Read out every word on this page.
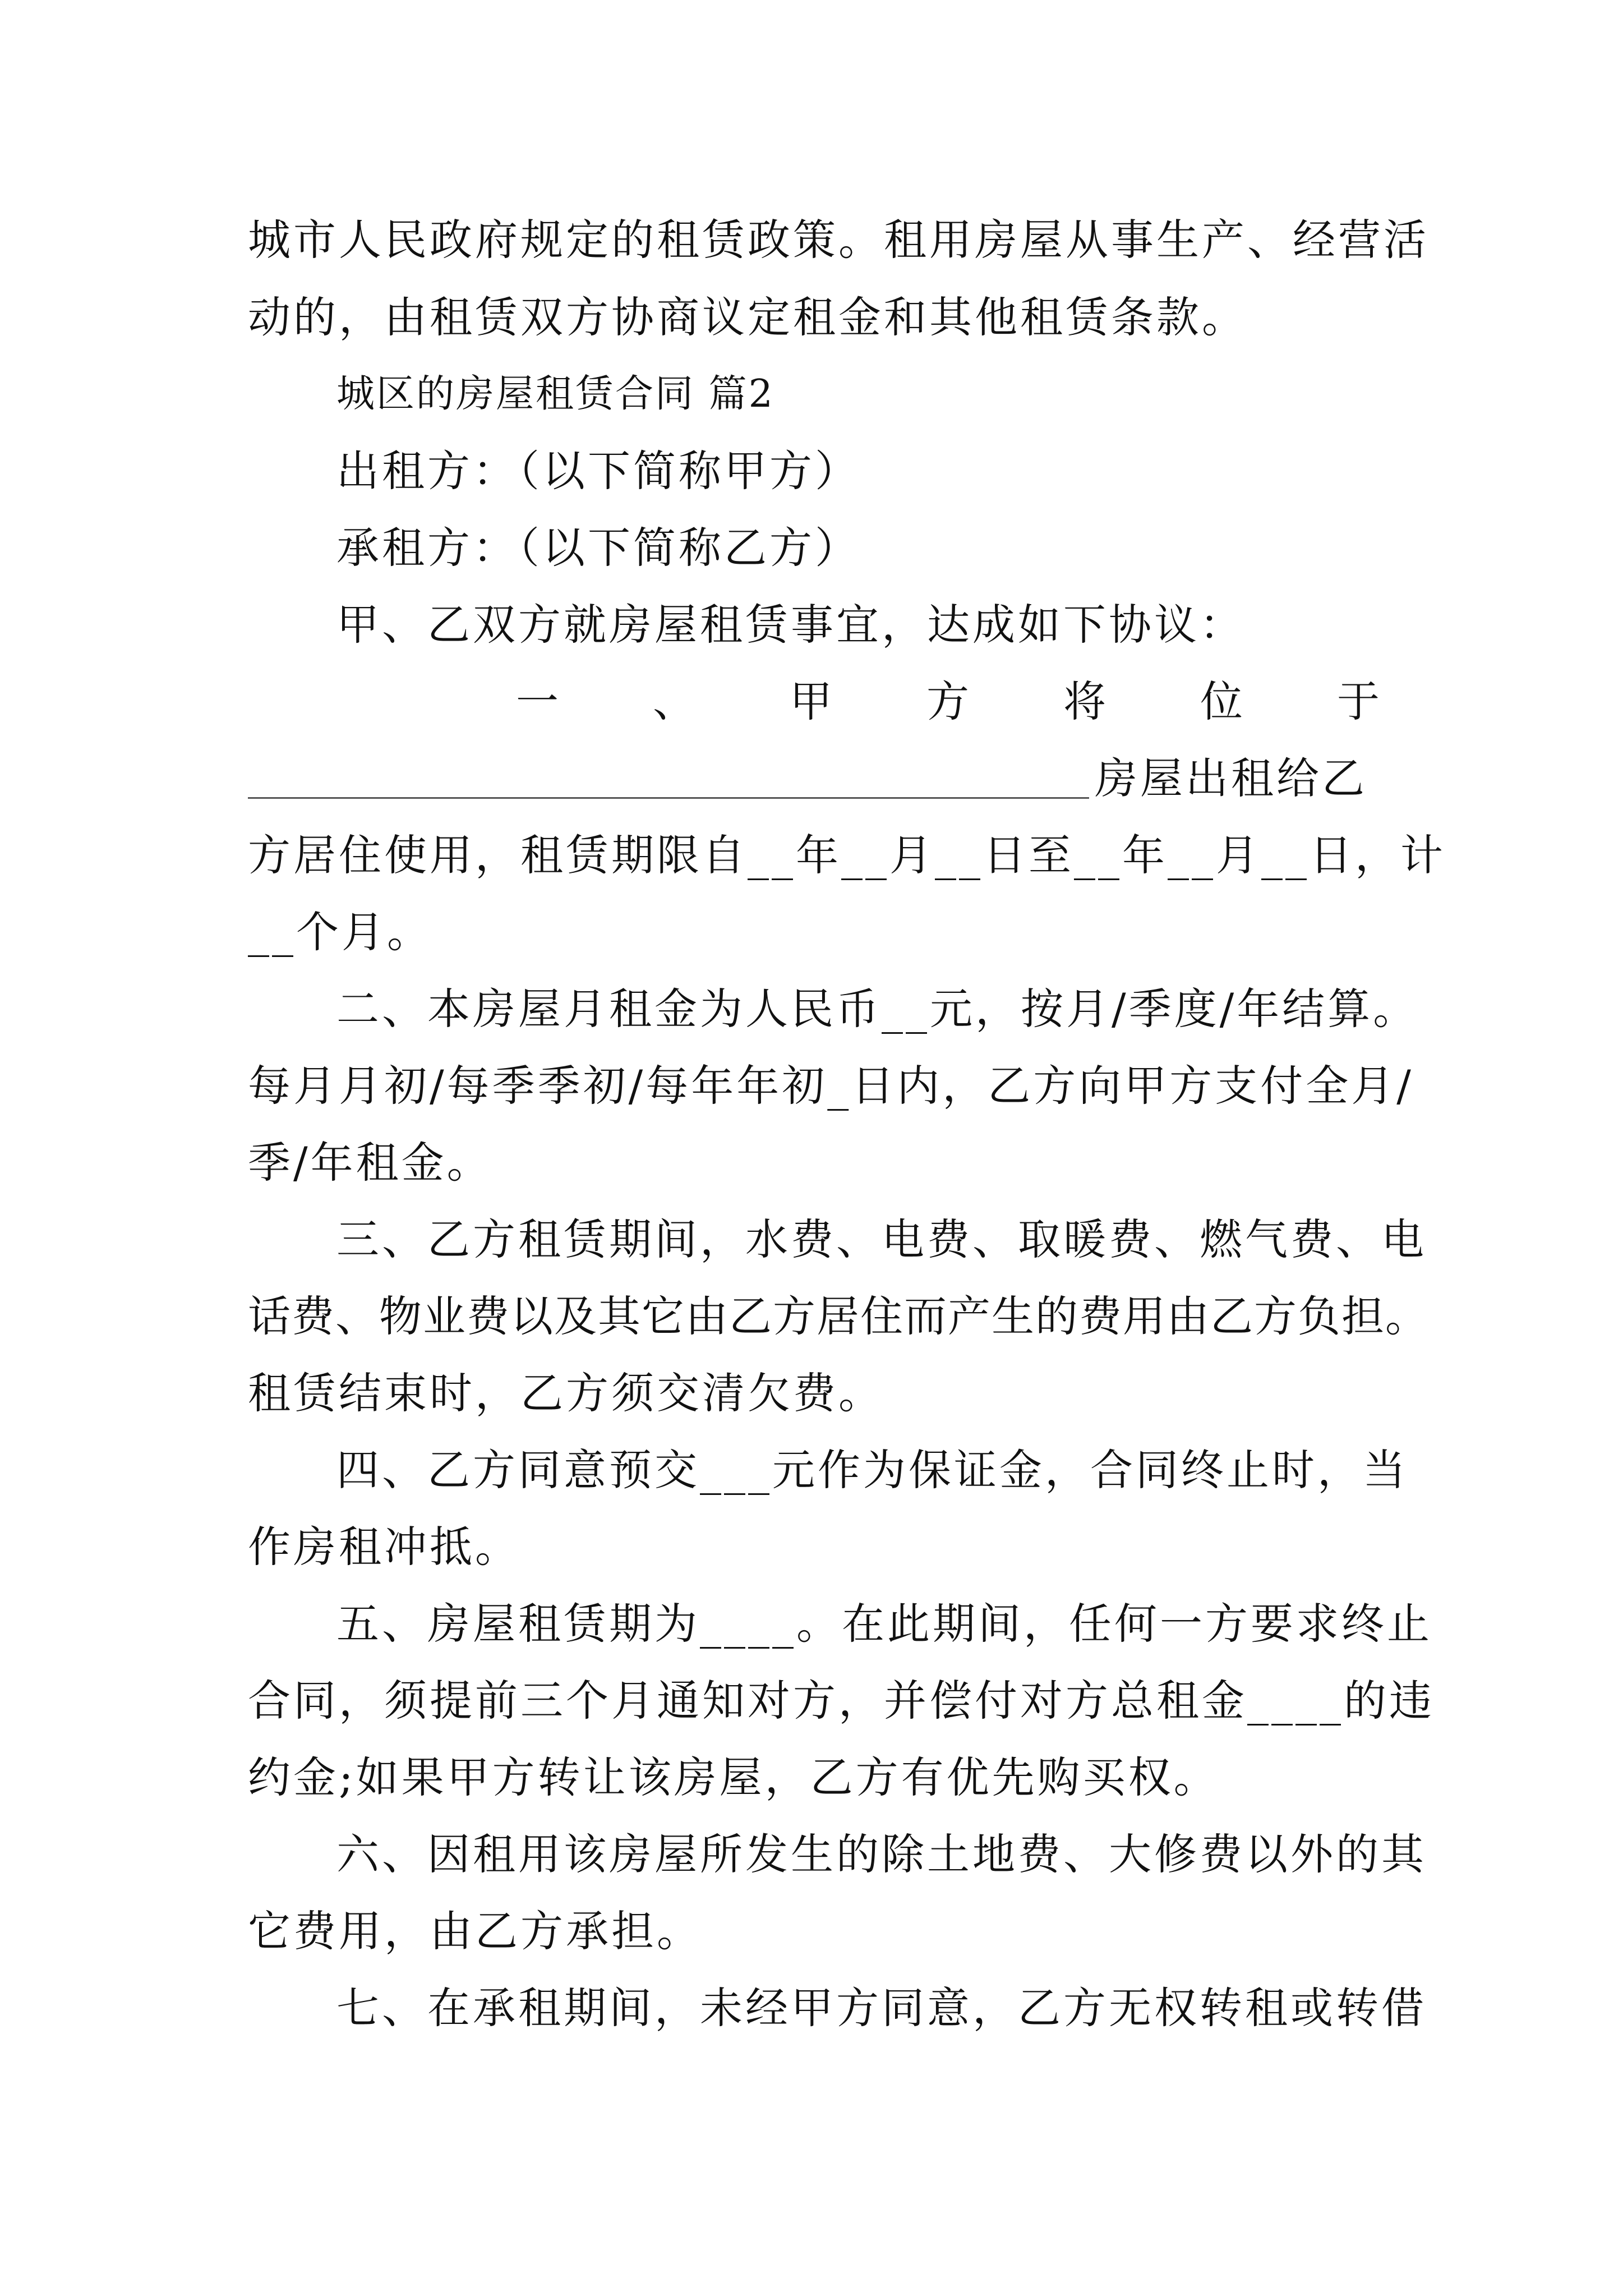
城市人民政府规定的租赁政策。租用房屋从事生产、经营活
动的，由租赁双方协商议定租金和其他租赁条款。
城区的房屋租赁合同 篇2
出租方：（以下简称甲方）
承租方：（以下简称乙方）
甲、乙双方就房屋租赁事宜，达成如下协议：
一 、 甲 方 将 位 于
房屋出租给乙
方居住使用，租赁期限自__年__月__日至__年__月__日，计
__个月。
二、本房屋月租金为人民币__元，按月/季度/年结算。
每月月初/每季季初/每年年初_日内，乙方向甲方支付全月/
季/年租金。
三、乙方租赁期间，水费、电费、取暖费、燃气费、电
话费、物业费以及其它由乙方居住而产生的费用由乙方负担。
租赁结束时，乙方须交清欠费。
四、乙方同意预交___元作为保证金，合同终止时，当
作房租冲抵。
五、房屋租赁期为____。在此期间，任何一方要求终止
合同，须提前三个月通知对方，并偿付对方总租金____的违
约金;如果甲方转让该房屋，乙方有优先购买权。
六、因租用该房屋所发生的除土地费、大修费以外的其
它费用，由乙方承担。
七、在承租期间，未经甲方同意，乙方无权转租或转借
